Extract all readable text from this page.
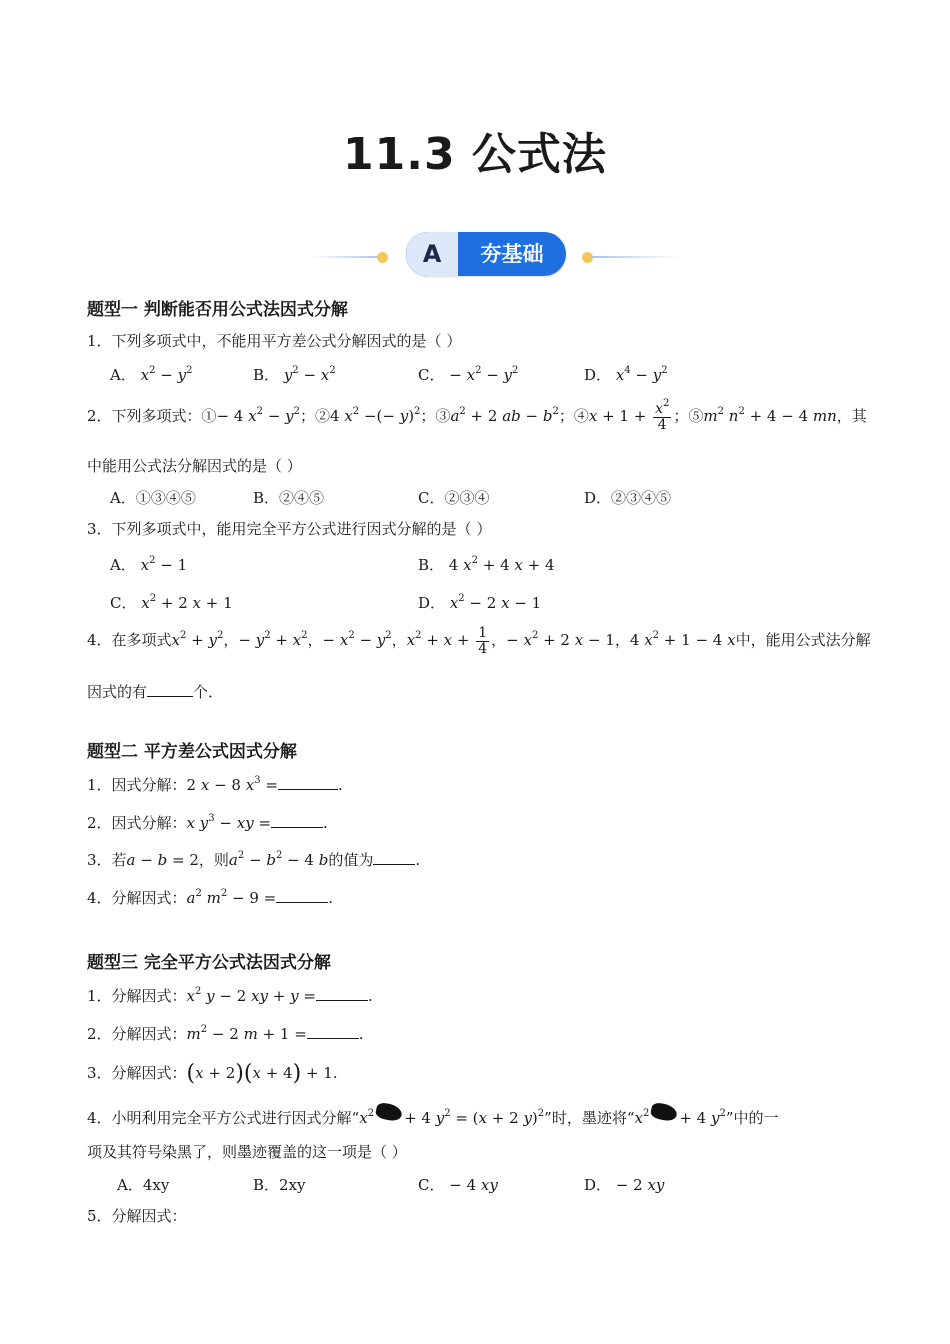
11.3 公式法
A	夯基础
题型一 判断能否用公式法因式分解
1．下列多项式中，不能用平方差公式分解因式的是（ ）
A． $x^2 - y^2$	B． $y^2 - x^2$	C． − $x^2 - y^2$	D． $x^4 - y^2$
2．下列多项式：①− 4 $x^2 - y^2$；②4 $x^2$ −(− y)$^2$；$③a^2 + 2$ ab − $b^2$；④x + $1 + \frac{x^2}{4}$ ；$⑤m^2$ $n^2 + 4 - 4$ mn，其
中能用公式法分解因式的是（ ）
A．①③④⑤	B．②④⑤	C．②③④	D．②③④⑤
3．下列多项式中，能用完全平方公式进行因式分解的是（ ）
A． $x^2 - 1$	B． 4 $x^2 + 4$ x + 4
C． $x^2 + 2$ x + 1	D． $x^2 - 2$ x − 1
4．在多项式$x^2 + y^2$，− $y^2 + x^2$，− $x^2 - y^2$，$x^2 + x + \frac{1}{4}$ ，− $x^2 + 2$ x − 1，4 $x^2 + 1 - 4$ x中，能用公式法分解
因式的有	个．
题型二 平方差公式因式分解
1．因式分解：2 x − 8 $x^3$ =	.
2．因式分解：x $y^3$ − xy =	.
3．若a − b = 2，则$a^2 - b^2 - 4$ b的值为	.
4．分解因式：$a^2$ $m^2 - 9$ =	.
题型三 完全平方公式法因式分解
1．分解因式：$x^2$ y − 2 xy + y =	.
2．分解因式：$m^2 - 2$ m + 1 =	.
3．分解因式：(x + 2)(x + 4) + 1.
4．小明利用完全平方公式进行因式分解“$x^2 + 4$ $y^2 = (x + 2$ y)$^2$”时，墨迹将“$x^2 + 4$ $y^2$”中的一
项及其符号染黑了，则墨迹覆盖的这一项是（ ）
A．4xy	B．2xy	C． − 4 xy	D． − 2 xy
5．分解因式：
